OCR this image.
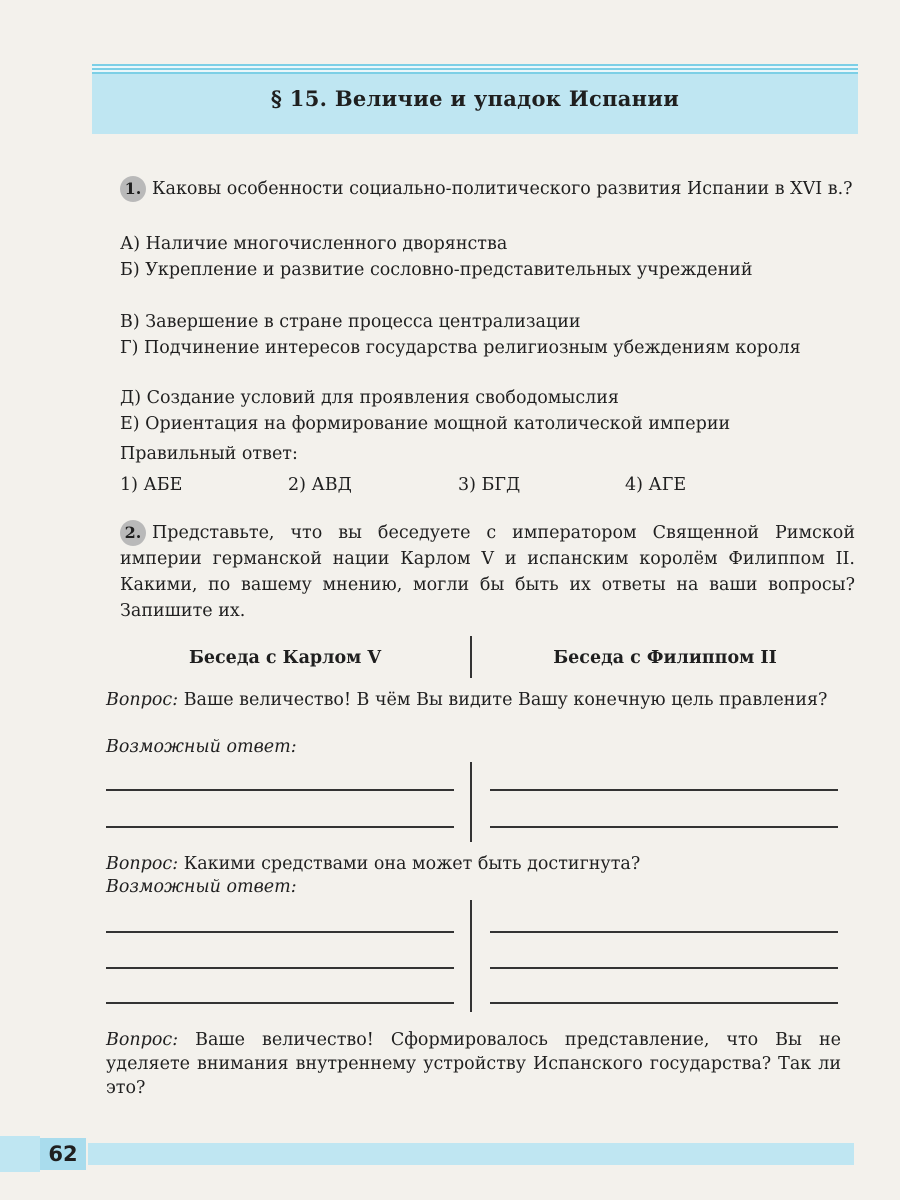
§ 15. Величие и упадок Испании
1. Каковы особенности социально-политического развития Испании в XVI в.?
А) Наличие многочисленного дворянства
Б) Укрепление и развитие сословно-представительных учреждений
В) Завершение в стране процесса централизации
Г) Подчинение интересов государства религиозным убеждениям короля
Д) Создание условий для проявления свободомыслия
Е) Ориентация на формирование мощной католической империи
Правильный ответ:
1) АБЕ	2) АВД	3) БГД	4) АГЕ
2. Представьте, что вы беседуете с императором Священной Римской империи германской нации Карлом V и испанским королём Филиппом II. Какими, по вашему мнению, могли бы быть их ответы на ваши вопросы? Запишите их.
Беседа с Карлом V	Беседа с Филиппом II
Вопрос: Ваше величество! В чём Вы видите Вашу конечную цель правления?
Возможный ответ:
Вопрос: Какими средствами она может быть достигнута?
Возможный ответ:
Вопрос: Ваше величество! Сформировалось представление, что Вы не уделяете внимания внутреннему устройству Испанского государства? Так ли это?
62
